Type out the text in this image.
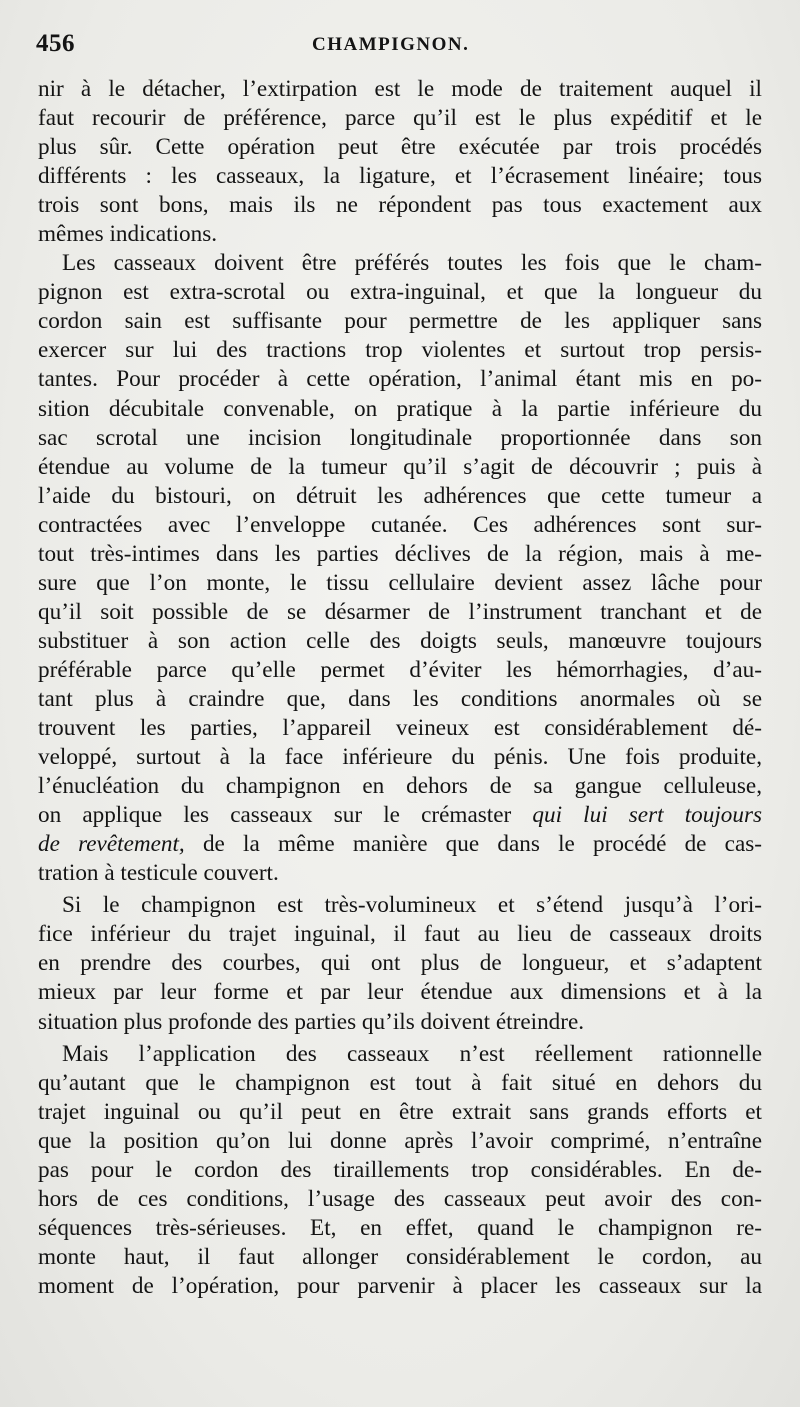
456	CHAMPIGNON.
nir à le détacher, l’extirpation est le mode de traitement auquel il
faut recourir de préférence, parce qu’il est le plus expéditif et le
plus sûr. Cette opération peut être exécutée par trois procédés
différents : les casseaux, la ligature, et l’écrasement linéaire; tous
trois sont bons, mais ils ne répondent pas tous exactement aux
mêmes indications.
Les casseaux doivent être préférés toutes les fois que le cham-
pignon est extra-scrotal ou extra-inguinal, et que la longueur du
cordon sain est suffisante pour permettre de les appliquer sans
exercer sur lui des tractions trop violentes et surtout trop persis-
tantes. Pour procéder à cette opération, l’animal étant mis en po-
sition décubitale convenable, on pratique à la partie inférieure du
sac scrotal une incision longitudinale proportionnée dans son
étendue au volume de la tumeur qu’il s’agit de découvrir ; puis à
l’aide du bistouri, on détruit les adhérences que cette tumeur a
contractées avec l’enveloppe cutanée. Ces adhérences sont sur-
tout très-intimes dans les parties déclives de la région, mais à me-
sure que l’on monte, le tissu cellulaire devient assez lâche pour
qu’il soit possible de se désarmer de l’instrument tranchant et de
substituer à son action celle des doigts seuls, manœuvre toujours
préférable parce qu’elle permet d’éviter les hémorrhagies, d’au-
tant plus à craindre que, dans les conditions anormales où se
trouvent les parties, l’appareil veineux est considérablement dé-
veloppé, surtout à la face inférieure du pénis. Une fois produite,
l’énucléation du champignon en dehors de sa gangue celluleuse,
on applique les casseaux sur le crémaster qui lui sert toujours
de revêtement, de la même manière que dans le procédé de cas-
tration à testicule couvert.
Si le champignon est très-volumineux et s’étend jusqu’à l’ori-
fice inférieur du trajet inguinal, il faut au lieu de casseaux droits
en prendre des courbes, qui ont plus de longueur, et s’adaptent
mieux par leur forme et par leur étendue aux dimensions et à la
situation plus profonde des parties qu’ils doivent étreindre.
Mais l’application des casseaux n’est réellement rationnelle
qu’autant que le champignon est tout à fait situé en dehors du
trajet inguinal ou qu’il peut en être extrait sans grands efforts et
que la position qu’on lui donne après l’avoir comprimé, n’entraîne
pas pour le cordon des tiraillements trop considérables. En de-
hors de ces conditions, l’usage des casseaux peut avoir des con-
séquences très-sérieuses. Et, en effet, quand le champignon re-
monte haut, il faut allonger considérablement le cordon, au
moment de l’opération, pour parvenir à placer les casseaux sur la
